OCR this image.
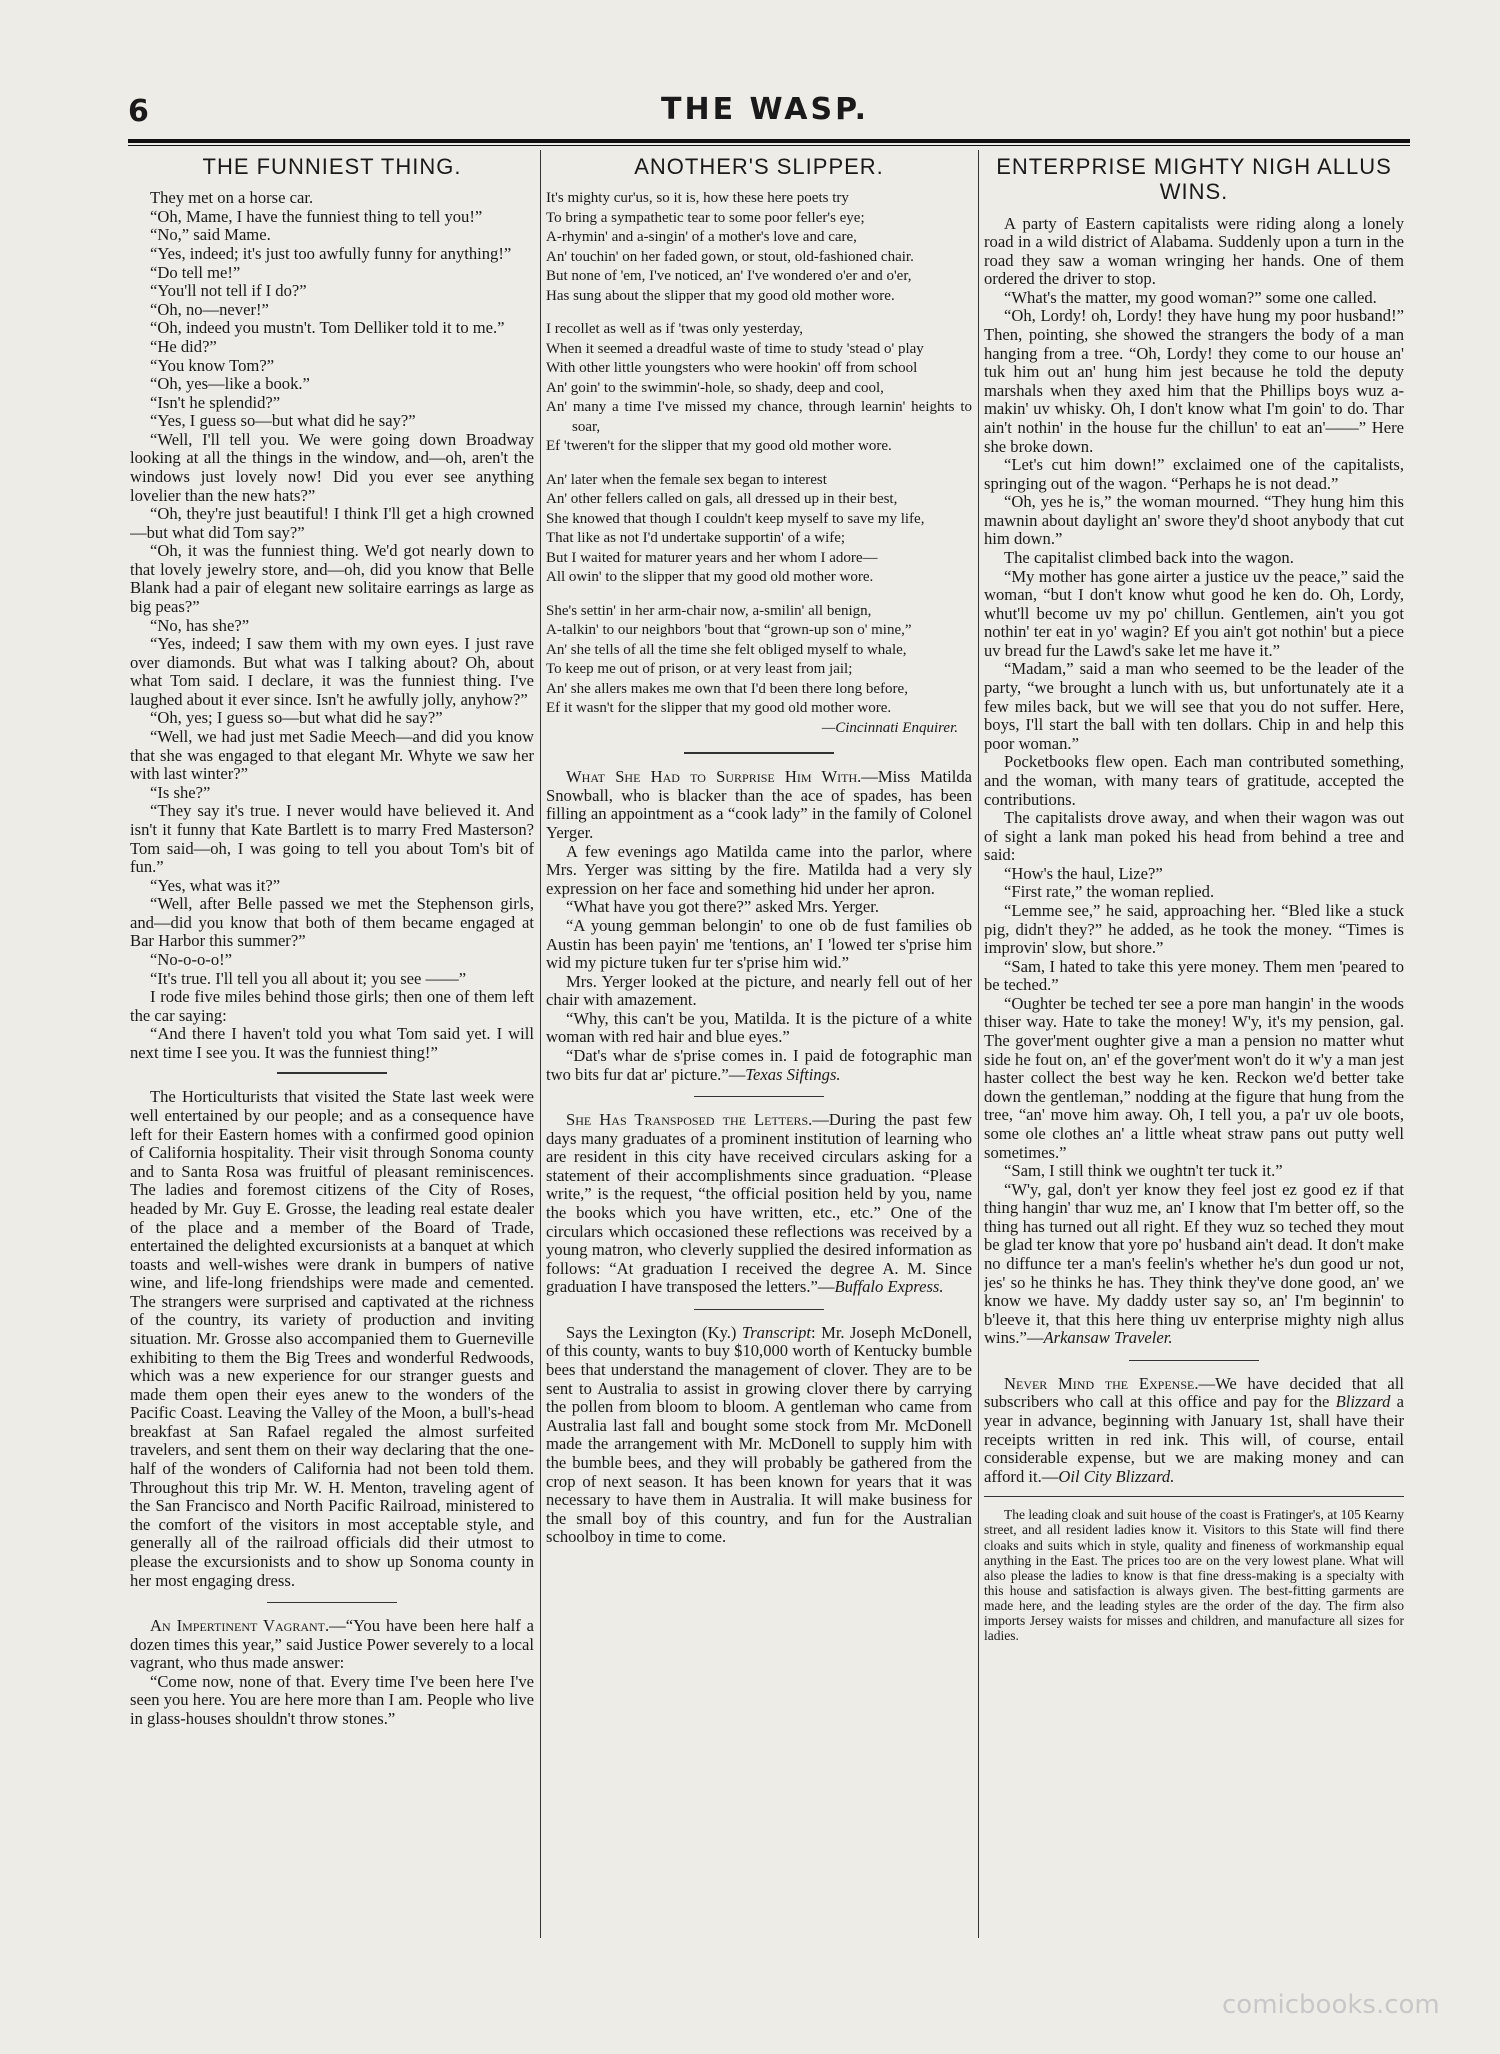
6	THE WASP.
THE FUNNIEST THING.

They met on a horse car.

“Oh, Mame, I have the funniest thing to tell you!”

“No,” said Mame.

“Yes, indeed; it's just too awfully funny for anything!”

“Do tell me!”

“You'll not tell if I do?”

“Oh, no—never!”

“Oh, indeed you mustn't. Tom Delliker told it to me.”

“He did?”

“You know Tom?”

“Oh, yes—like a book.”

“Isn't he splendid?”

“Yes, I guess so—but what did he say?”

“Well, I'll tell you. We were going down Broadway looking at all the things in the window, and—oh, aren't the windows just lovely now! Did you ever see anything lovelier than the new hats?”

“Oh, they're just beautiful! I think I'll get a high crowned—but what did Tom say?”

“Oh, it was the funniest thing. We'd got nearly down to that lovely jewelry store, and—oh, did you know that Belle Blank had a pair of elegant new solitaire earrings as large as big peas?”

“No, has she?”

“Yes, indeed; I saw them with my own eyes. I just rave over diamonds. But what was I talking about? Oh, about what Tom said. I declare, it was the funniest thing. I've laughed about it ever since. Isn't he awfully jolly, anyhow?”

“Oh, yes; I guess so—but what did he say?”

“Well, we had just met Sadie Meech—and did you know that she was engaged to that elegant Mr. Whyte we saw her with last winter?”

“Is she?”

“They say it's true. I never would have believed it. And isn't it funny that Kate Bartlett is to marry Fred Masterson? Tom said—oh, I was going to tell you about Tom's bit of fun.”

“Yes, what was it?”

“Well, after Belle passed we met the Stephenson girls, and—did you know that both of them became engaged at Bar Harbor this summer?”

“No-o-o-o!”

“It's true. I'll tell you all about it; you see ——”

I rode five miles behind those girls; then one of them left the car saying:

“And there I haven't told you what Tom said yet. I will next time I see you. It was the funniest thing!”

The Horticulturists that visited the State last week were well entertained by our people; and as a consequence have left for their Eastern homes with a confirmed good opinion of California hospitality. Their visit through Sonoma county and to Santa Rosa was fruitful of pleasant reminiscences. The ladies and foremost citizens of the City of Roses, headed by Mr. Guy E. Grosse, the leading real estate dealer of the place and a member of the Board of Trade, entertained the delighted excursionists at a banquet at which toasts and well-wishes were drank in bumpers of native wine, and life-long friendships were made and cemented. The strangers were surprised and captivated at the richness of the country, its variety of production and inviting situation. Mr. Grosse also accompanied them to Guerneville exhibiting to them the Big Trees and wonderful Redwoods, which was a new experience for our stranger guests and made them open their eyes anew to the wonders of the Pacific Coast. Leaving the Valley of the Moon, a bull's-head breakfast at San Rafael regaled the almost surfeited travelers, and sent them on their way declaring that the one-half of the wonders of California had not been told them. Throughout this trip Mr. W. H. Menton, traveling agent of the San Francisco and North Pacific Railroad, ministered to the comfort of the visitors in most acceptable style, and generally all of the railroad officials did their utmost to please the excursionists and to show up Sonoma county in her most engaging dress.

An Impertinent Vagrant.—“You have been here half a dozen times this year,” said Justice Power severely to a local vagrant, who thus made answer:

“Come now, none of that. Every time I've been here I've seen you here. You are here more than I am. People who live in glass-houses shouldn't throw stones.”

ANOTHER'S SLIPPER.
It's mighty cur'us, so it is, how these here poets try
To bring a sympathetic tear to some poor feller's eye;
A-rhymin' and a-singin' of a mother's love and care,
An' touchin' on her faded gown, or stout, old-fashioned chair.
But none of 'em, I've noticed, an' I've wondered o'er and o'er,
Has sung about the slipper that my good old mother wore.
I recollet as well as if 'twas only yesterday,
When it seemed a dreadful waste of time to study 'stead o' play
With other little youngsters who were hookin' off from school
An' goin' to the swimmin'-hole, so shady, deep and cool,
An' many a time I've missed my chance, through learnin' heights to soar,
Ef 'tweren't for the slipper that my good old mother wore.
An' later when the female sex began to interest
An' other fellers called on gals, all dressed up in their best,
She knowed that though I couldn't keep myself to save my life,
That like as not I'd undertake supportin' of a wife;
But I waited for maturer years and her whom I adore—
All owin' to the slipper that my good old mother wore.
She's settin' in her arm-chair now, a-smilin' all benign,
A-talkin' to our neighbors 'bout that “grown-up son o' mine,”
An' she tells of all the time she felt obliged myself to whale,
To keep me out of prison, or at very least from jail;
An' she allers makes me own that I'd been there long before,
Ef it wasn't for the slipper that my good old mother wore.
—Cincinnati Enquirer.

What She Had to Surprise Him With.—Miss Matilda Snowball, who is blacker than the ace of spades, has been filling an appointment as a “cook lady” in the family of Colonel Yerger.

A few evenings ago Matilda came into the parlor, where Mrs. Yerger was sitting by the fire. Matilda had a very sly expression on her face and something hid under her apron.

“What have you got there?” asked Mrs. Yerger.

“A young gemman belongin' to one ob de fust families ob Austin has been payin' me 'tentions, an' I 'lowed ter s'prise him wid my picture tuken fur ter s'prise him wid.”

Mrs. Yerger looked at the picture, and nearly fell out of her chair with amazement.

“Why, this can't be you, Matilda. It is the picture of a white woman with red hair and blue eyes.”

“Dat's whar de s'prise comes in. I paid de fotographic man two bits fur dat ar' picture.”—Texas Siftings.

She Has Transposed the Letters.—During the past few days many graduates of a prominent institution of learning who are resident in this city have received circulars asking for a statement of their accomplishments since graduation. “Please write,” is the request, “the official position held by you, name the books which you have written, etc., etc.” One of the circulars which occasioned these reflections was received by a young matron, who cleverly supplied the desired information as follows: “At graduation I received the degree A. M. Since graduation I have transposed the letters.”—Buffalo Express.

Says the Lexington (Ky.) Transcript: Mr. Joseph McDonell, of this county, wants to buy $10,000 worth of Kentucky bumble bees that understand the management of clover. They are to be sent to Australia to assist in growing clover there by carrying the pollen from bloom to bloom. A gentleman who came from Australia last fall and bought some stock from Mr. McDonell made the arrangement with Mr. McDonell to supply him with the bumble bees, and they will probably be gathered from the crop of next season. It has been known for years that it was necessary to have them in Australia. It will make business for the small boy of this country, and fun for the Australian schoolboy in time to come.

ENTERPRISE MIGHTY NIGH ALLUS WINS.

A party of Eastern capitalists were riding along a lonely road in a wild district of Alabama. Suddenly upon a turn in the road they saw a woman wringing her hands. One of them ordered the driver to stop.

“What's the matter, my good woman?” some one called.

“Oh, Lordy! oh, Lordy! they have hung my poor husband!” Then, pointing, she showed the strangers the body of a man hanging from a tree. “Oh, Lordy! they come to our house an' tuk him out an' hung him jest because he told the deputy marshals when they axed him that the Phillips boys wuz a-makin' uv whisky. Oh, I don't know what I'm goin' to do. Thar ain't nothin' in the house fur the chillun' to eat an'——” Here she broke down.

“Let's cut him down!” exclaimed one of the capitalists, springing out of the wagon. “Perhaps he is not dead.”

“Oh, yes he is,” the woman mourned. “They hung him this mawnin about daylight an' swore they'd shoot anybody that cut him down.”

The capitalist climbed back into the wagon.

“My mother has gone airter a justice uv the peace,” said the woman, “but I don't know whut good he ken do. Oh, Lordy, whut'll become uv my po' chillun. Gentlemen, ain't you got nothin' ter eat in yo' wagin? Ef you ain't got nothin' but a piece uv bread fur the Lawd's sake let me have it.”

“Madam,” said a man who seemed to be the leader of the party, “we brought a lunch with us, but unfortunately ate it a few miles back, but we will see that you do not suffer. Here, boys, I'll start the ball with ten dollars. Chip in and help this poor woman.”

Pocketbooks flew open. Each man contributed something, and the woman, with many tears of gratitude, accepted the contributions.

The capitalists drove away, and when their wagon was out of sight a lank man poked his head from behind a tree and said:

“How's the haul, Lize?”

“First rate,” the woman replied.

“Lemme see,” he said, approaching her. “Bled like a stuck pig, didn't they?” he added, as he took the money. “Times is improvin' slow, but shore.”

“Sam, I hated to take this yere money. Them men 'peared to be teched.”

“Oughter be teched ter see a pore man hangin' in the woods thiser way. Hate to take the money! W'y, it's my pension, gal. The gover'ment oughter give a man a pension no matter whut side he fout on, an' ef the gover'ment won't do it w'y a man jest haster collect the best way he ken. Reckon we'd better take down the gentleman,” nodding at the figure that hung from the tree, “an' move him away. Oh, I tell you, a pa'r uv ole boots, some ole clothes an' a little wheat straw pans out putty well sometimes.”

“Sam, I still think we oughtn't ter tuck it.”

“W'y, gal, don't yer know they feel jost ez good ez if that thing hangin' thar wuz me, an' I know that I'm better off, so the thing has turned out all right. Ef they wuz so teched they mout be glad ter know that yore po' husband ain't dead. It don't make no diffunce ter a man's feelin's whether he's dun good ur not, jes' so he thinks he has. They think they've done good, an' we know we have. My daddy uster say so, an' I'm beginnin' to b'leeve it, that this here thing uv enterprise mighty nigh allus wins.”—Arkansaw Traveler.

Never Mind the Expense.—We have decided that all subscribers who call at this office and pay for the Blizzard a year in advance, beginning with January 1st, shall have their receipts written in red ink. This will, of course, entail considerable expense, but we are making money and can afford it.—Oil City Blizzard.

The leading cloak and suit house of the coast is Fratinger's, at 105 Kearny street, and all resident ladies know it. Visitors to this State will find there cloaks and suits which in style, quality and fineness of workmanship equal anything in the East. The prices too are on the very lowest plane. What will also please the ladies to know is that fine dress-making is a specialty with this house and satisfaction is always given. The best-fitting garments are made here, and the leading styles are the order of the day. The firm also imports Jersey waists for misses and children, and manufacture all sizes for ladies.

comicbooks.com
